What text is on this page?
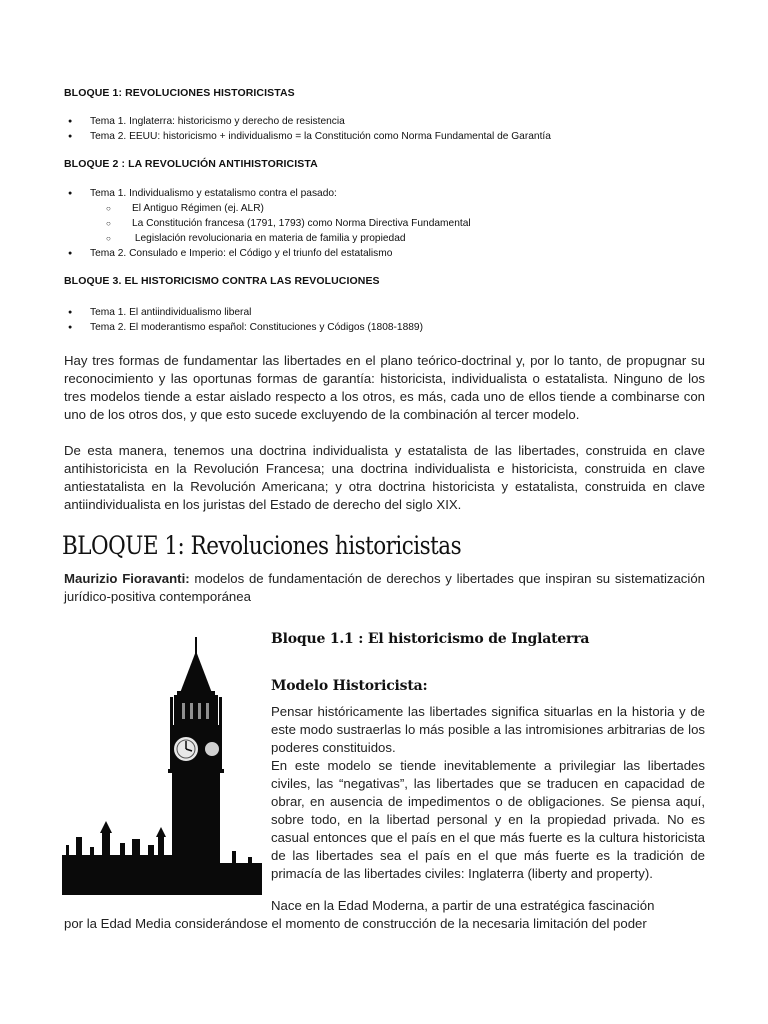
BLOQUE 1: REVOLUCIONES HISTORICISTAS
● Tema 1. Inglaterra: historicismo y derecho de resistencia
● Tema 2. EEUU: historicismo + individualismo = la Constitución como Norma Fundamental de Garantía
BLOQUE 2 : LA REVOLUCIÓN ANTIHISTORICISTA
● Tema 1. Individualismo y estatalismo contra el pasado:
○ El Antiguo Régimen (ej. ALR)
○ La Constitución francesa (1791, 1793) como Norma Directiva Fundamental
○  Legislación revolucionaria en materia de familia y propiedad
● Tema 2. Consulado e Imperio: el Código y el triunfo del estatalismo
BLOQUE 3. EL HISTORICISMO CONTRA LAS REVOLUCIONES
● Tema 1. El antiindividualismo liberal
● Tema 2. El moderantismo español: Constituciones y Códigos (1808-1889)

Hay tres formas de fundamentar las libertades en el plano teórico-doctrinal y, por lo tanto, de propugnar su reconocimiento y las oportunas formas de garantía: historicista, individualista o estatalista. Ninguno de los tres modelos tiende a estar aislado respecto a los otros, es más, cada uno de ellos tiende a combinarse con uno de los otros dos, y que esto sucede excluyendo de la combinación al tercer modelo.

De esta manera, tenemos una doctrina individualista y estatalista de las libertades, construida en clave antihistoricista en la Revolución Francesa; una doctrina individualista e historicista, construida en clave antiestatalista en la Revolución Americana; y otra doctrina historicista y estatalista, construida en clave antiindividualista en los juristas del Estado de derecho del siglo XIX.

BLOQUE 1: Revoluciones historicistas

Maurizio Fioravanti: modelos de fundamentación de derechos y libertades que inspiran su sistematización jurídico-positiva contemporánea

Bloque 1.1 : El historicismo de Inglaterra
Modelo Historicista:

Pensar históricamente las libertades significa situarlas en la historia y de este modo sustraerlas lo más posible a las intromisiones arbitrarias de los poderes constituidos.

En este modelo se tiende inevitablemente a privilegiar las libertades civiles, las “negativas”, las libertades que se traducen en capacidad de obrar, en ausencia de impedimentos o de obligaciones. Se piensa aquí, sobre todo, en la libertad personal y en la propiedad privada. No es casual entonces que el país en el que más fuerte es la cultura historicista de las libertades sea el país en el que más fuerte es la tradición de primacía de las libertades civiles: Inglaterra (liberty and property).

Nace en la Edad Moderna, a partir de una estratégica fascinación

por la Edad Media considerándose el momento de construcción de la necesaria limitación del poder
